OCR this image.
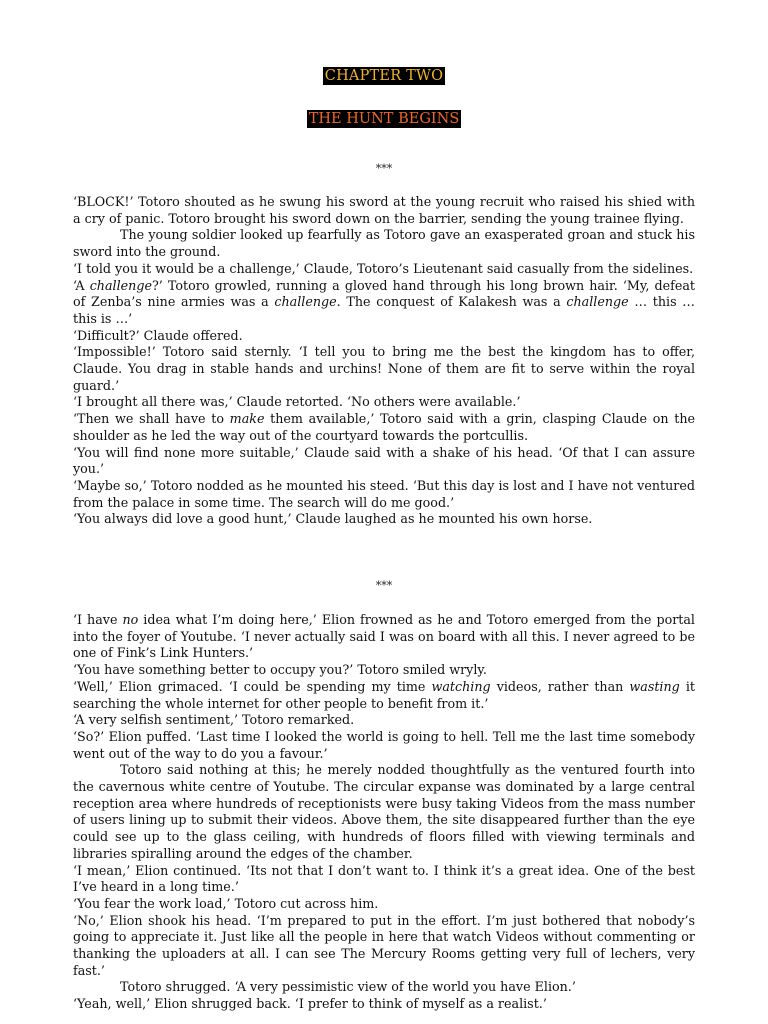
CHAPTER TWO
THE HUNT BEGINS
***

‘BLOCK!’ Totoro shouted as he swung his sword at the young recruit who raised his shied with a cry of panic. Totoro brought his sword down on the barrier, sending the young trainee flying.

The young soldier looked up fearfully as Totoro gave an exasperated groan and stuck his sword into the ground.

‘I told you it would be a challenge,’ Claude, Totoro’s Lieutenant said casually from the sidelines.

‘A challenge?’ Totoro growled, running a gloved hand through his long brown hair. ‘My, defeat of Zenba’s nine armies was a challenge. The conquest of Kalakesh was a challenge … this … this is …’

‘Difficult?’ Claude offered.

‘Impossible!’ Totoro said sternly. ‘I tell you to bring me the best the kingdom has to offer, Claude. You drag in stable hands and urchins! None of them are fit to serve within the royal guard.’

‘I brought all there was,’ Claude retorted. ‘No others were available.’

‘Then we shall have to make them available,’ Totoro said with a grin, clasping Claude on the shoulder as he led the way out of the courtyard towards the portcullis.

‘You will find none more suitable,’ Claude said with a shake of his head. ‘Of that I can assure you.’

‘Maybe so,’ Totoro nodded as he mounted his steed. ‘But this day is lost and I have not ventured from the palace in some time. The search will do me good.’

‘You always did love a good hunt,’ Claude laughed as he mounted his own horse.

***

‘I have no idea what I’m doing here,’ Elion frowned as he and Totoro emerged from the portal into the foyer of Youtube. ‘I never actually said I was on board with all this. I never agreed to be one of Fink’s Link Hunters.’

‘You have something better to occupy you?’ Totoro smiled wryly.

‘Well,’ Elion grimaced. ‘I could be spending my time watching videos, rather than wasting it searching the whole internet for other people to benefit from it.’

‘A very selfish sentiment,’ Totoro remarked.

‘So?’ Elion puffed. ‘Last time I looked the world is going to hell. Tell me the last time somebody went out of the way to do you a favour.’

Totoro said nothing at this; he merely nodded thoughtfully as the ventured fourth into the cavernous white centre of Youtube. The circular expanse was dominated by a large central reception area where hundreds of receptionists were busy taking Videos from the mass number of users lining up to submit their videos. Above them, the site disappeared further than the eye could see up to the glass ceiling, with hundreds of floors filled with viewing terminals and libraries spiralling around the edges of the chamber.

‘I mean,’ Elion continued. ‘Its not that I don’t want to. I think it’s a great idea. One of the best I’ve heard in a long time.’

‘You fear the work load,’ Totoro cut across him.

‘No,’ Elion shook his head. ‘I’m prepared to put in the effort. I’m just bothered that nobody’s going to appreciate it. Just like all the people in here that watch Videos without commenting or thanking the uploaders at all. I can see The Mercury Rooms getting very full of lechers, very fast.’

Totoro shrugged. ‘A very pessimistic view of the world you have Elion.’

‘Yeah, well,’ Elion shrugged back. ‘I prefer to think of myself as a realist.’
